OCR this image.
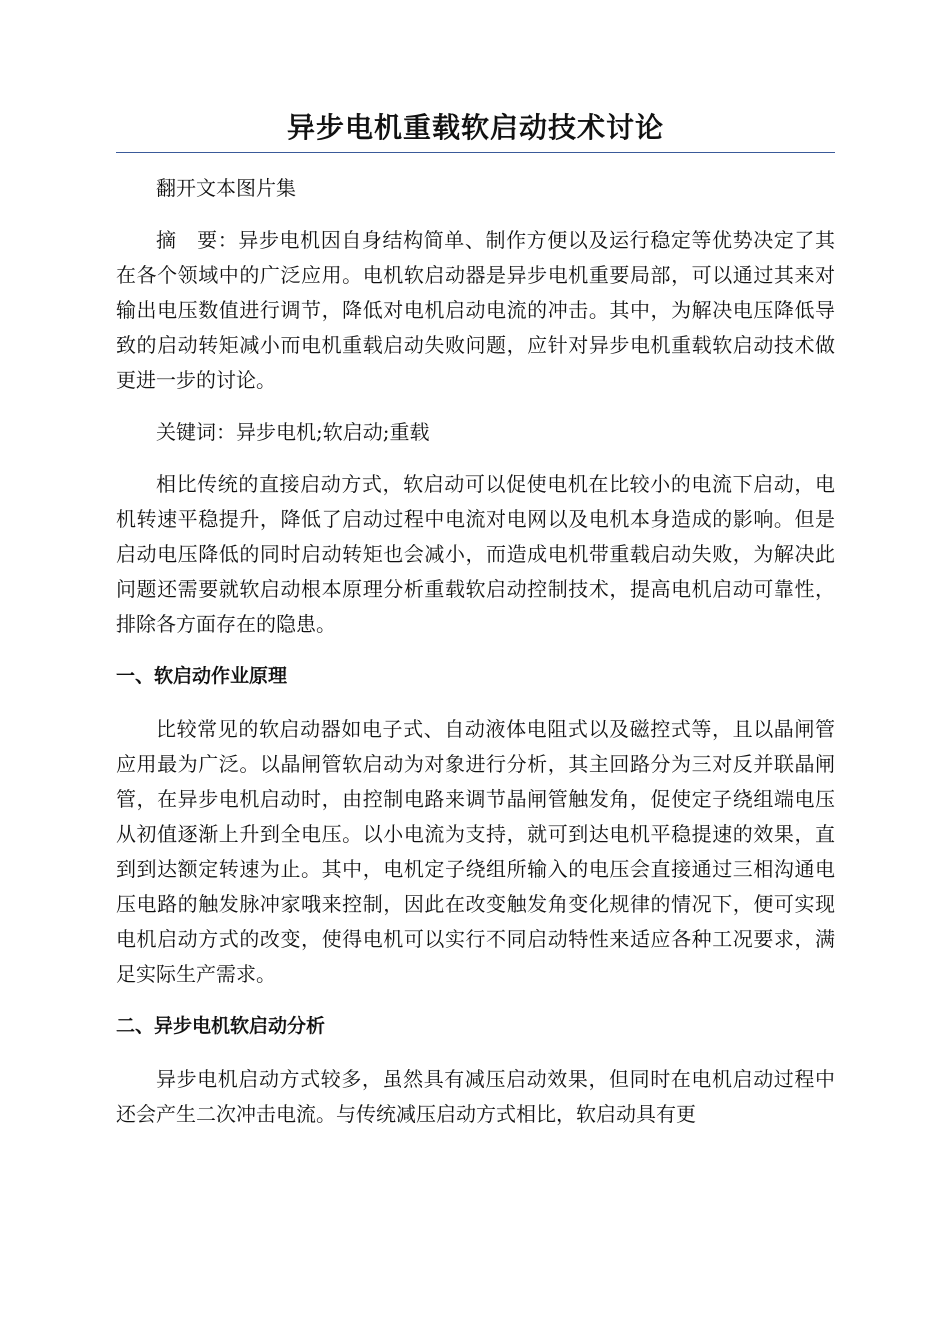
异步电机重载软启动技术讨论

翻开文本图片集

摘　要：异步电机因自身结构简单、制作方便以及运行稳定等优势决定了其在各个领域中的广泛应用。电机软启动器是异步电机重要局部，可以通过其来对输出电压数值进行调节，降低对电机启动电流的冲击。其中，为解决电压降低导致的启动转矩减小而电机重载启动失败问题，应针对异步电机重载软启动技术做更进一步的讨论。

关键词：异步电机;软启动;重载

相比传统的直接启动方式，软启动可以促使电机在比较小的电流下启动，电机转速平稳提升，降低了启动过程中电流对电网以及电机本身造成的影响。但是启动电压降低的同时启动转矩也会减小，而造成电机带重载启动失败，为解决此问题还需要就软启动根本原理分析重载软启动控制技术，提高电机启动可靠性，排除各方面存在的隐患。

一、软启动作业原理

比较常见的软启动器如电子式、自动液体电阻式以及磁控式等，且以晶闸管应用最为广泛。以晶闸管软启动为对象进行分析，其主回路分为三对反并联晶闸管，在异步电机启动时，由控制电路来调节晶闸管触发角，促使定子绕组端电压从初值逐渐上升到全电压。以小电流为支持，就可到达电机平稳提速的效果，直到到达额定转速为止。其中，电机定子绕组所输入的电压会直接通过三相沟通电压电路的触发脉冲家哦来控制，因此在改变触发角变化规律的情况下，便可实现电机启动方式的改变，使得电机可以实行不同启动特性来适应各种工况要求，满足实际生产需求。

二、异步电机软启动分析

异步电机启动方式较多，虽然具有减压启动效果，但同时在电机启动过程中还会产生二次冲击电流。与传统减压启动方式相比，软启动具有更
